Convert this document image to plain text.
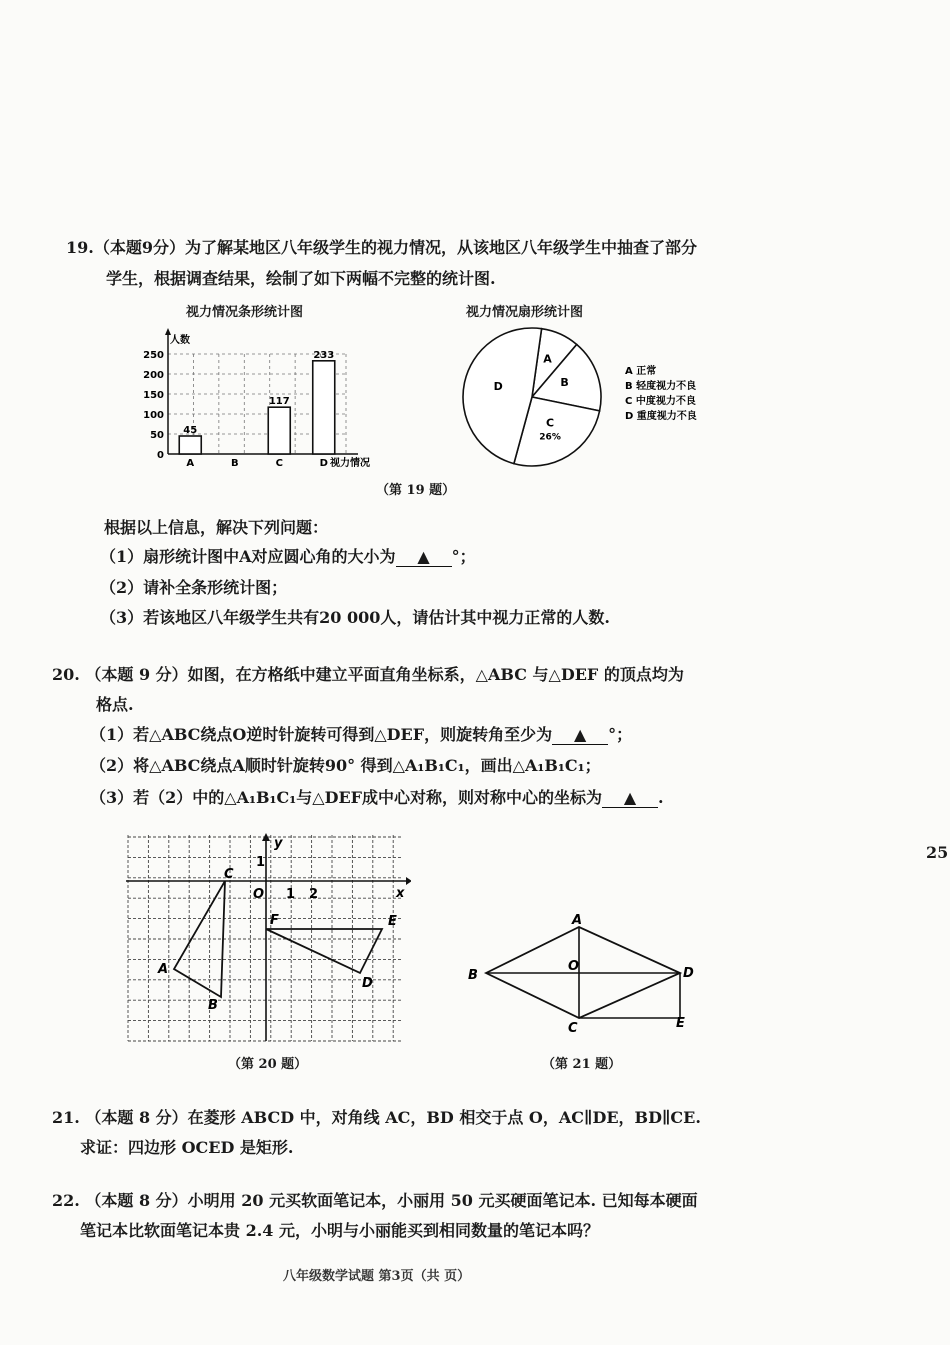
19.（本题9分）为了解某地区八年级学生的视力情况，从该地区八年级学生中抽查了部分
学生，根据调查结果，绘制了如下两幅不完整的统计图.
视力情况条形统计图	视力情况扇形统计图
0
50
100
150
200
250
45
A	B
117
C
233
D
人数
视力情况
A
B
C
26%
D
A 正常
B 轻度视力不良
C 中度视力不良
D 重度视力不良
（第 19 题）
根据以上信息，解决下列问题：
（1）扇形统计图中A对应圆心角的大小为 ▲ °；
（2）请补全条形统计图；
（3）若该地区八年级学生共有20 000人，请估计其中视力正常的人数.
20. （本题 9 分）如图，在方格纸中建立平面直角坐标系，△ABC 与△DEF 的顶点均为
格点.
（1）若△ABC绕点O逆时针旋转可得到△DEF，则旋转角至少为 ▲ °；
（2）将△ABC绕点A顺时针旋转90° 得到△A₁B₁C₁，画出△A₁B₁C₁；
（3）若（2）中的△A₁B₁C₁与△DEF成中心对称，则对称中心的坐标为 ▲ .
25
y
1
x
O 1 2
C
A
B
F	E
D
（第 20 题）
A
B
C
D
O
E
（第 21 题）
21. （本题 8 分）在菱形 ABCD 中，对角线 AC，BD 相交于点 O，AC∥DE，BD∥CE.
求证：四边形 OCED 是矩形.
22. （本题 8 分）小明用 20 元买软面笔记本，小丽用 50 元买硬面笔记本. 已知每本硬面
笔记本比软面笔记本贵 2.4 元，小明与小丽能买到相同数量的笔记本吗？
八年级数学试题 第3页（共 页）
